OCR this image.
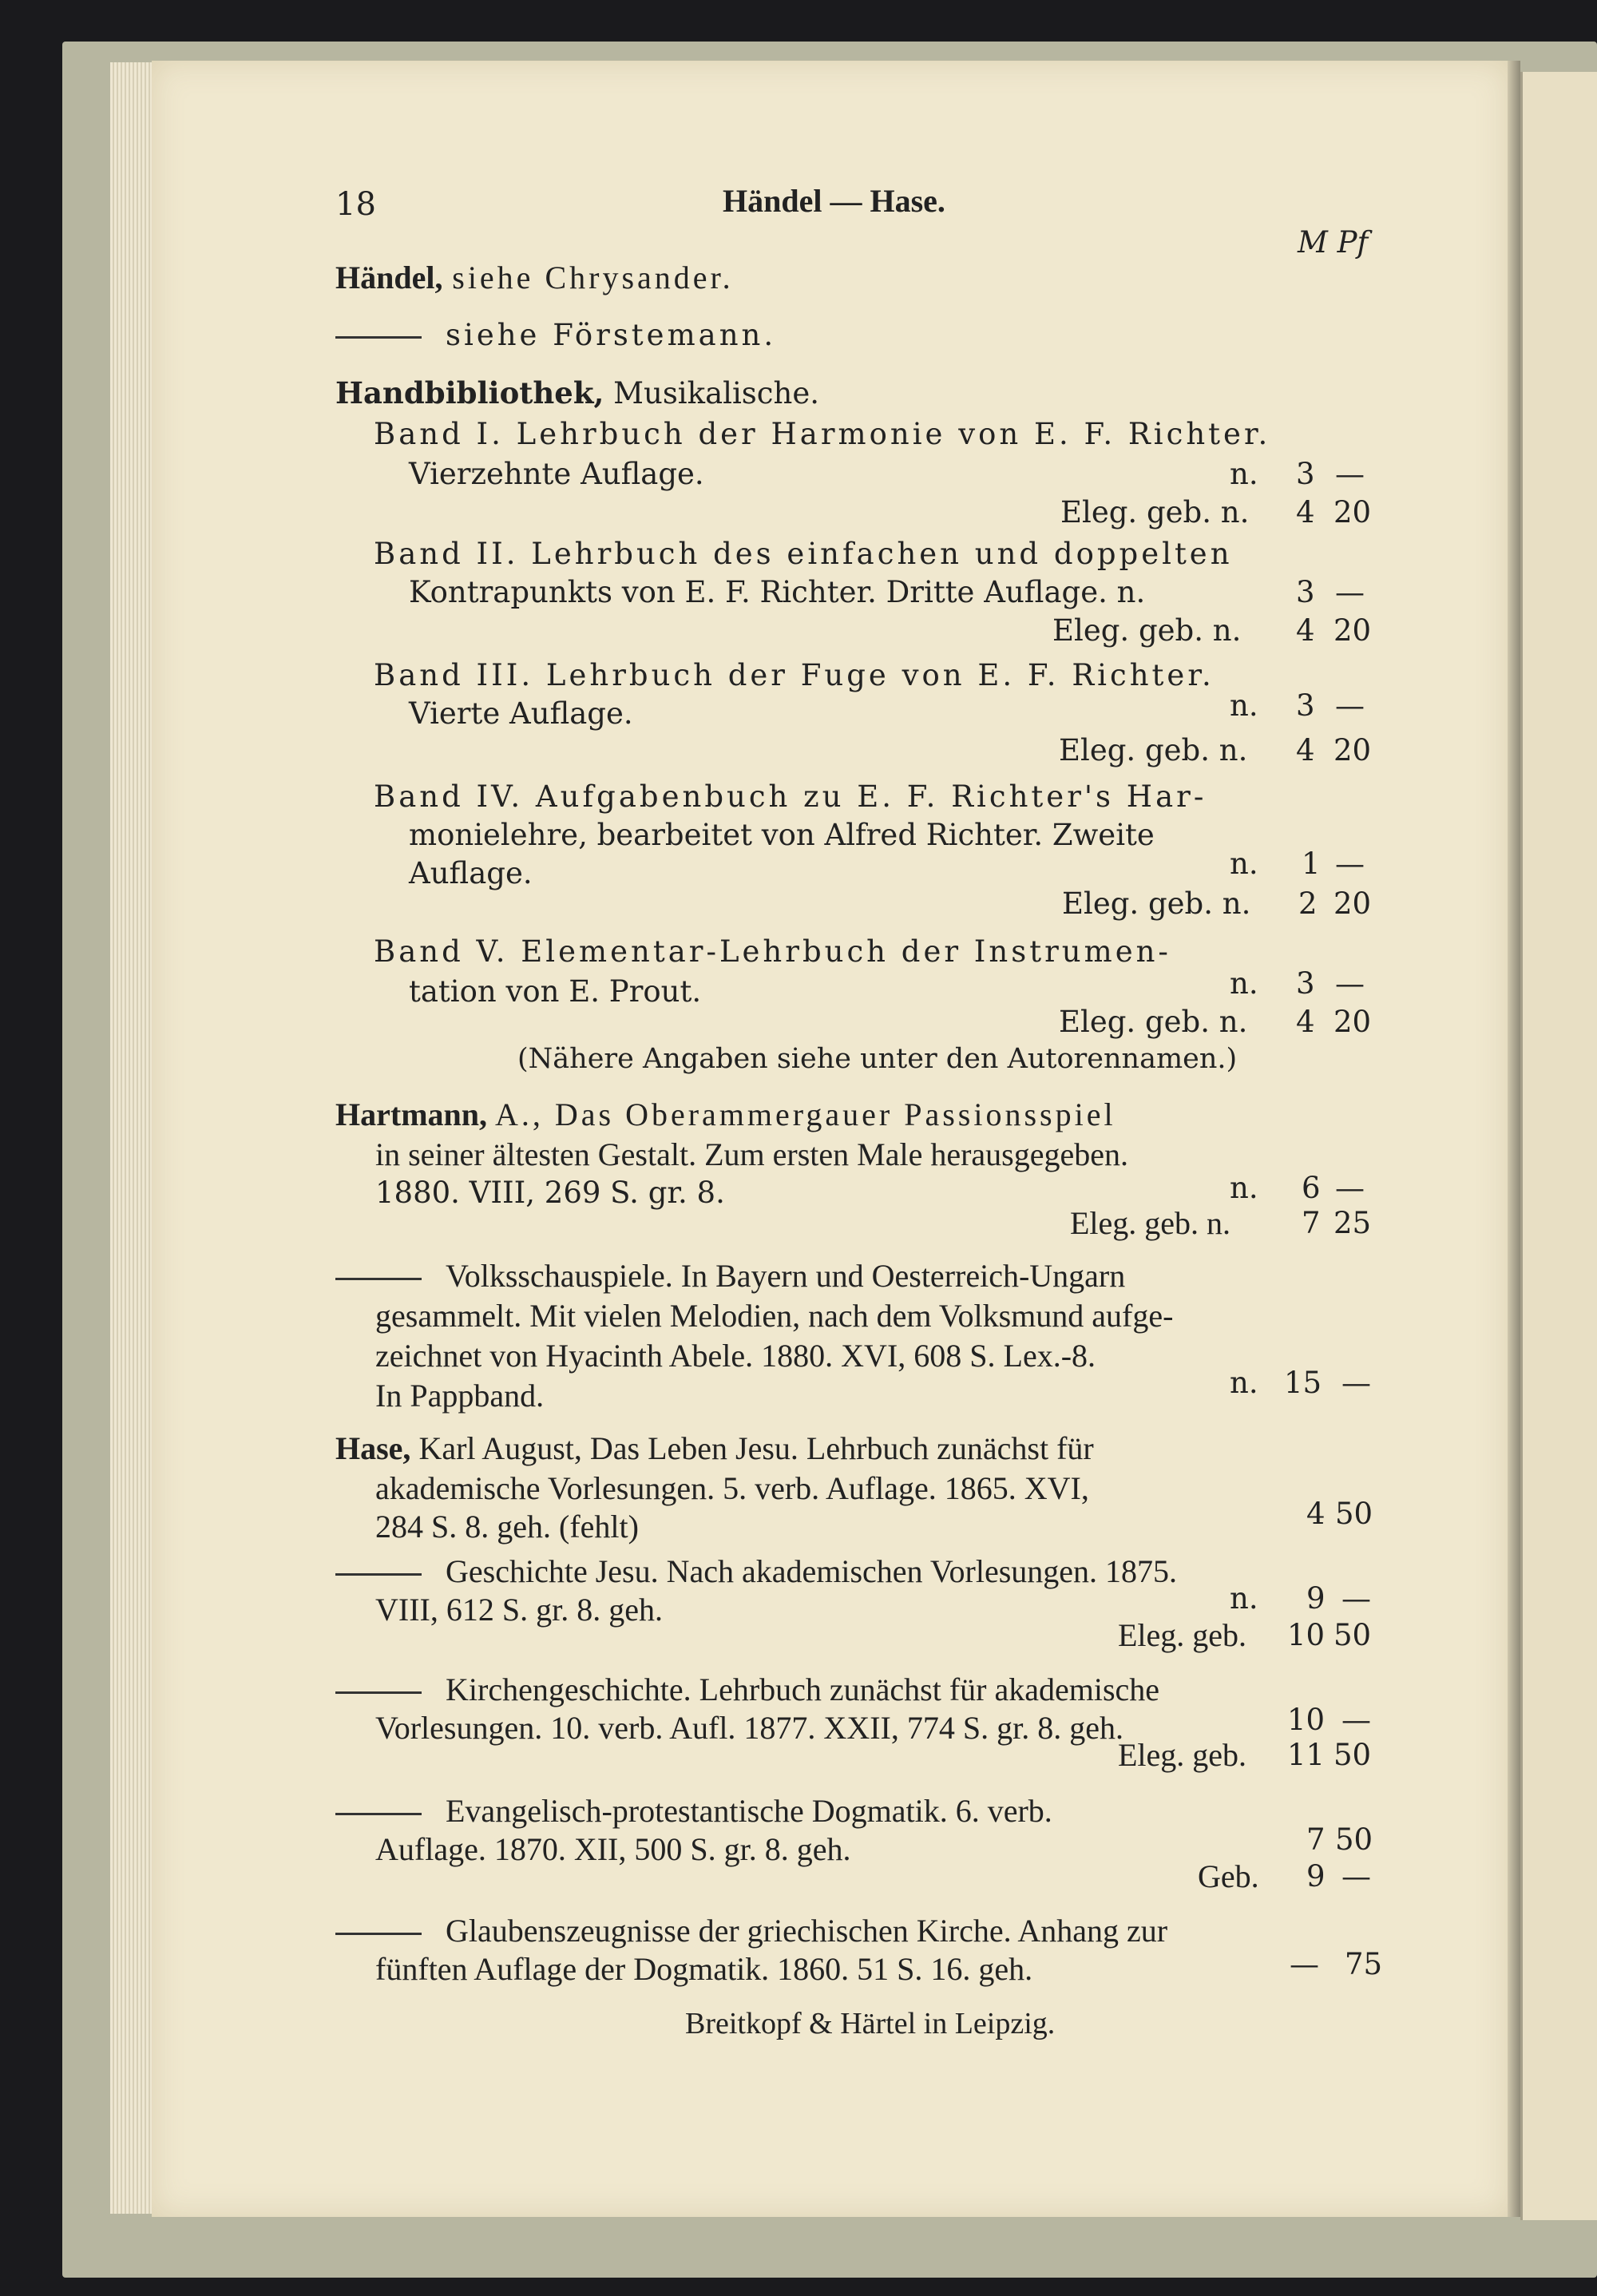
18	Händel — Hase.
M Pf
Händel, siehe Chrysander.
siehe Förstemann.
Handbibliothek, Musikalische.
Band I. Lehrbuch der Harmonie von E. F. Richter.
Vierzehnte Auflage.	n. 3 —
Eleg. geb. n. 4 20
Band II. Lehrbuch des einfachen und doppelten
Kontrapunkts von E. F. Richter. Dritte Auflage. n.	3 —
Eleg. geb. n. 4 20
Band III. Lehrbuch der Fuge von E. F. Richter.
Vierte Auflage.	n. 3 —
Eleg. geb. n. 4 20
Band IV. Aufgabenbuch zu E. F. Richter's Har-
monielehre, bearbeitet von Alfred Richter. Zweite
Auflage.	n. 1 —
Eleg. geb. n. 2 20
Band V. Elementar-Lehrbuch der Instrumen-
tation von E. Prout.	n. 3 —
Eleg. geb. n. 4 20
(Nähere Angaben siehe unter den Autorennamen.)
Hartmann, A., Das Oberammergauer Passionsspiel
in seiner ältesten Gestalt. Zum ersten Male herausgegeben.
1880. VIII, 269 S. gr. 8.	n. 6 —
Eleg. geb. n. 7 25
Volksschauspiele. In Bayern und Oesterreich-Ungarn
gesammelt. Mit vielen Melodien, nach dem Volksmund aufge-
zeichnet von Hyacinth Abele. 1880. XVI, 608 S. Lex.-8.
In Pappband.	n. 15 —
Hase, Karl August, Das Leben Jesu. Lehrbuch zunächst für
akademische Vorlesungen. 5. verb. Auflage. 1865. XVI,
284 S. 8. geh. (fehlt)	4 50
Geschichte Jesu. Nach akademischen Vorlesungen. 1875.
VIII, 612 S. gr. 8. geh.	n. 9 —
Eleg. geb. 10 50
Kirchengeschichte. Lehrbuch zunächst für akademische
Vorlesungen. 10. verb. Aufl. 1877. XXII, 774 S. gr. 8. geh.	10 —
Eleg. geb. 11 50
Evangelisch-protestantische Dogmatik. 6. verb.
Auflage. 1870. XII, 500 S. gr. 8. geh.	7 50
Geb. 9 —
Glaubenszeugnisse der griechischen Kirche. Anhang zur
fünften Auflage der Dogmatik. 1860. 51 S. 16. geh.	— 75
Breitkopf & Härtel in Leipzig.
